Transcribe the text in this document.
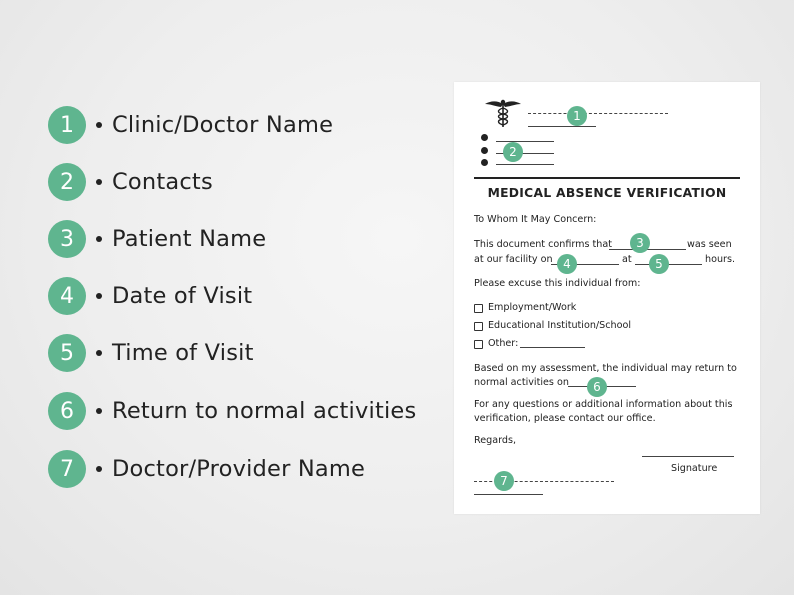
1	Clinic/Doctor Name
2	Contacts
3	Patient Name
4	Date of Visit
5	Time of Visit
6	Return to normal activities
7	Doctor/Provider Name
1
2
MEDICAL ABSENCE VERIFICATION
To Whom It May Concern:
This document confirms that	was seen
3
at our facility on	at	hours.
4	5
Please excuse this individual from:
Employment/Work
Educational Institution/School
Other:
Based on my assessment, the individual may return to
normal activities on	6
For any questions or additional information about this
verification, please contact our office.
Regards,
Signature
7
